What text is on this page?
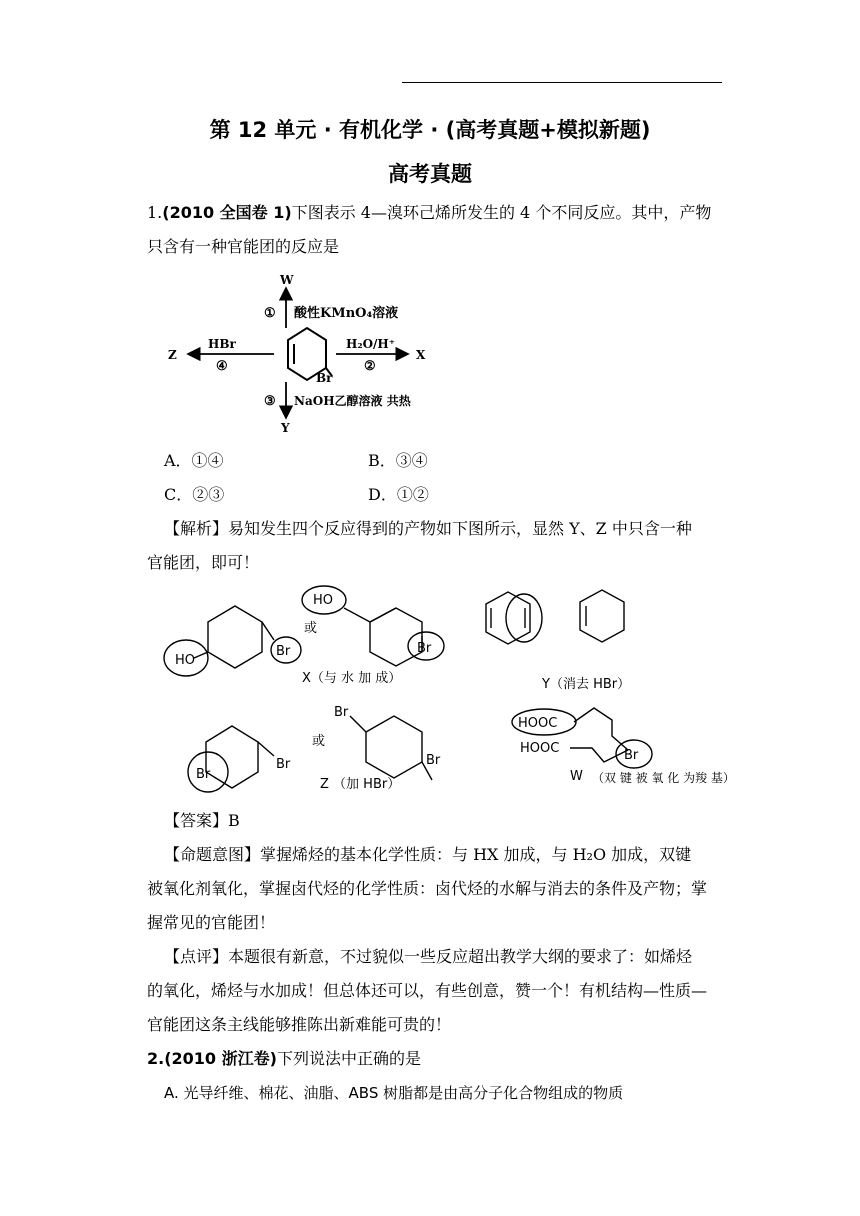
第 12 单元 · 有机化学 · (高考真题+模拟新题)
高考真题
1.(2010 全国卷 1)下图表示 4—溴环己烯所发生的 4 个不同反应。其中，产物
只含有一种官能团的反应是
Br
W
① 酸性KMnO₄溶液
H₂O/H⁺
②
X
HBr
④
Z
③ NaOH乙醇溶液 共热
Y
A．①④	B．③④
C．②③	D．①②
【解析】易知发生四个反应得到的产物如下图所示，显然 Y、Z 中只含一种
官能团，即可！
HO
Br
或
HO
Br
X（与 水 加 成）	Y（消去 HBr）
Br
Br
或
Br
Br
Z （加 HBr）
HOOC
HOOC	Br
W （双 键 被 氧 化 为羧 基）
【答案】B
【命题意图】掌握烯烃的基本化学性质：与 HX 加成，与 H₂O 加成，双键
被氧化剂氧化，掌握卤代烃的化学性质：卤代烃的水解与消去的条件及产物；掌
握常见的官能团！
【点评】本题很有新意，不过貌似一些反应超出教学大纲的要求了：如烯烃
的氧化，烯烃与水加成！但总体还可以，有些创意，赞一个！有机结构—性质—
官能团这条主线能够推陈出新难能可贵的！
2.(2010 浙江卷)下列说法中正确的是
A. 光导纤维、棉花、油脂、ABS 树脂都是由高分子化合物组成的物质
